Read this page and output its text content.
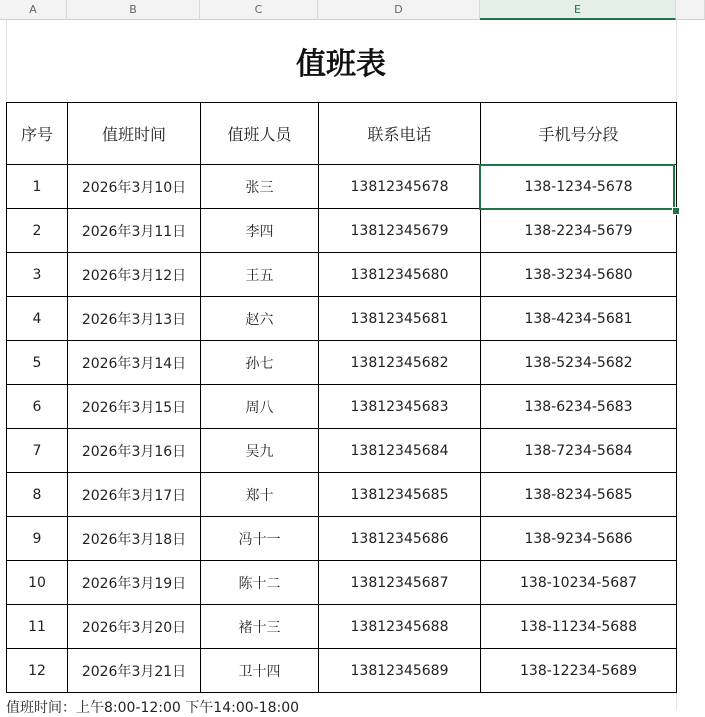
A	B	C	D	E
值班表
序号	值班时间	值班人员	联系电话	手机号分段
1	2026年3月10日	张三	13812345678	138-1234-5678
2	2026年3月11日	李四	13812345679	138-2234-5679
3	2026年3月12日	王五	13812345680	138-3234-5680
4	2026年3月13日	赵六	13812345681	138-4234-5681
5	2026年3月14日	孙七	13812345682	138-5234-5682
6	2026年3月15日	周八	13812345683	138-6234-5683
7	2026年3月16日	吴九	13812345684	138-7234-5684
8	2026年3月17日	郑十	13812345685	138-8234-5685
9	2026年3月18日	冯十一	13812345686	138-9234-5686
10	2026年3月19日	陈十二	13812345687	138-10234-5687
11	2026年3月20日	褚十三	13812345688	138-11234-5688
12	2026年3月21日	卫十四	13812345689	138-12234-5689
值班时间：上午8:00-12:00 下午14:00-18:00
